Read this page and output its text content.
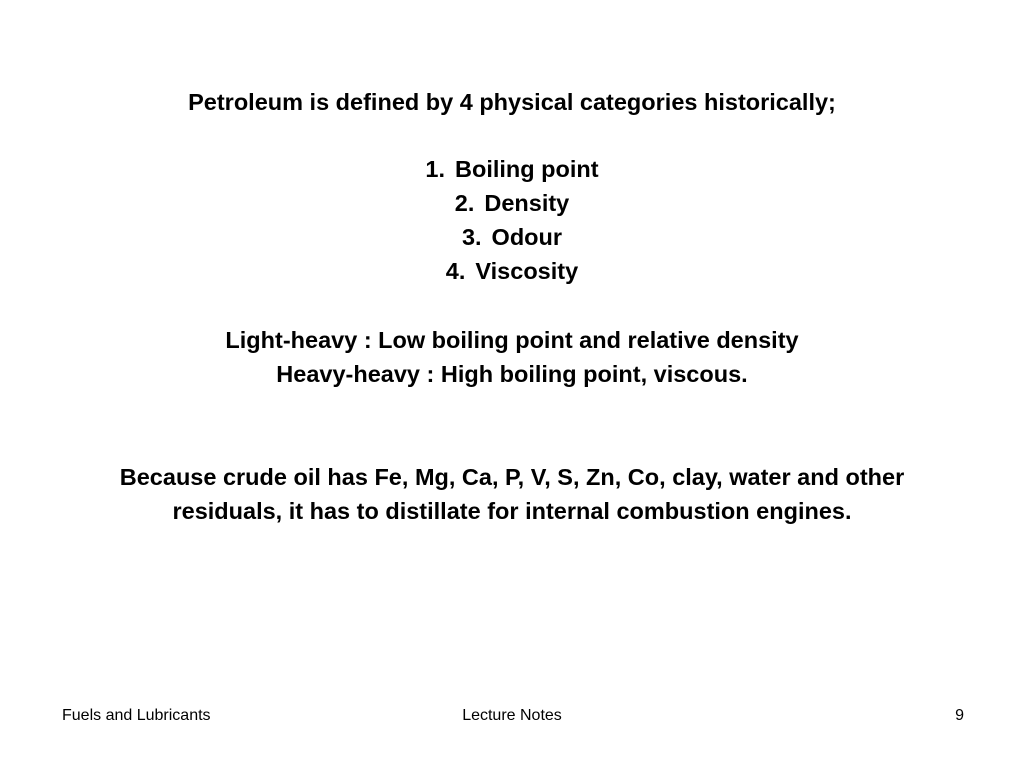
Petroleum is defined by 4 physical categories historically;
1. Boiling point
2. Density
3. Odour
4. Viscosity
Light-heavy : Low boiling point and relative density
Heavy-heavy : High boiling point, viscous.
Because crude oil has Fe, Mg, Ca, P, V, S, Zn, Co, clay, water and other
residuals, it has to distillate for internal combustion engines.
Fuels and Lubricants	Lecture Notes	9
